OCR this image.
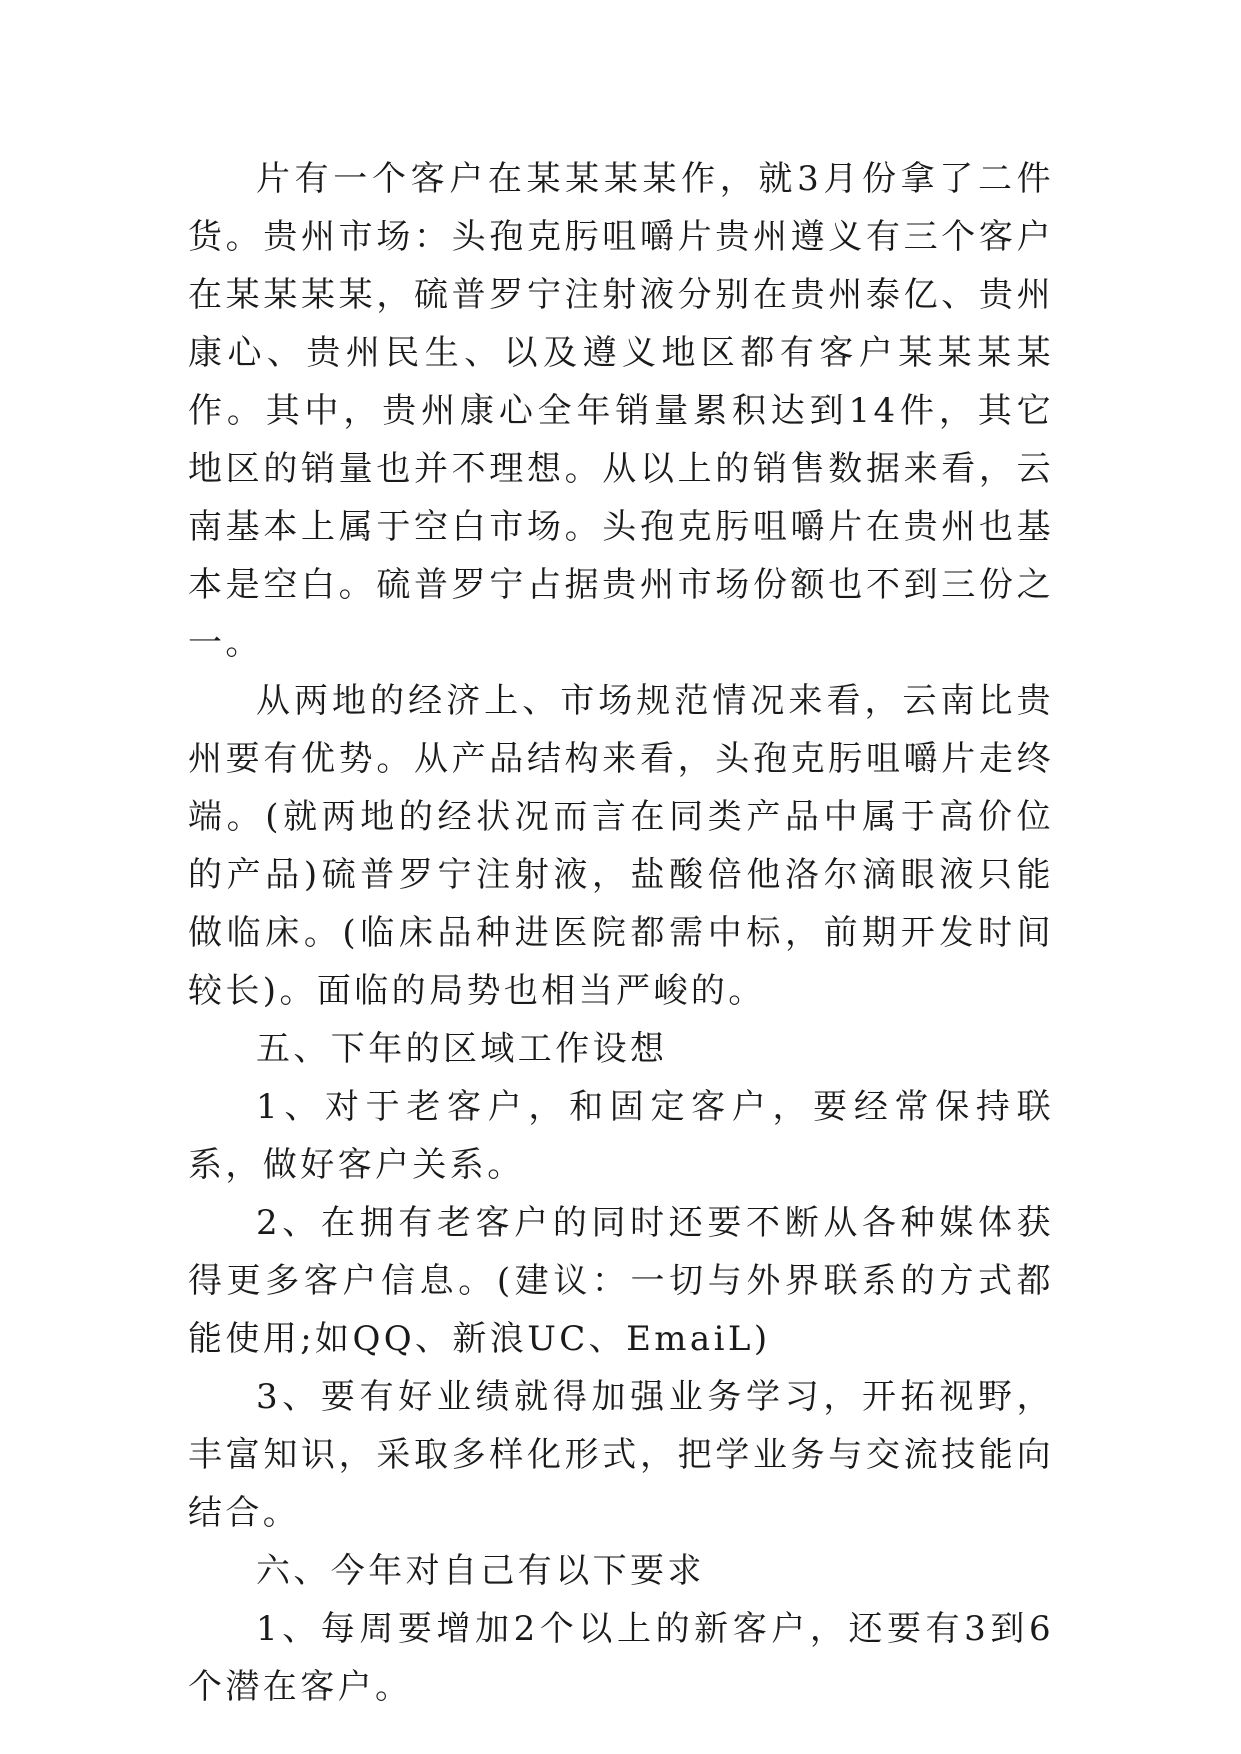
片有一个客户在某某某某作，就3月份拿了二件货。贵州市场：头孢克肟咀嚼片贵州遵义有三个客户在某某某某，硫普罗宁注射液分别在贵州泰亿、贵州康心、贵州民生、以及遵义地区都有客户某某某某作。其中，贵州康心全年销量累积达到14件，其它地区的销量也并不理想。从以上的销售数据来看，云南基本上属于空白市场。头孢克肟咀嚼片在贵州也基本是空白。硫普罗宁占据贵州市场份额也不到三份之一。

从两地的经济上、市场规范情况来看，云南比贵州要有优势。从产品结构来看，头孢克肟咀嚼片走终端。(就两地的经状况而言在同类产品中属于高价位的产品)硫普罗宁注射液，盐酸倍他洛尔滴眼液只能做临床。(临床品种进医院都需中标，前期开发时间较长)。面临的局势也相当严峻的。

五、下年的区域工作设想

1、对于老客户，和固定客户，要经常保持联系，做好客户关系。

2、在拥有老客户的同时还要不断从各种媒体获得更多客户信息。(建议：一切与外界联系的方式都能使用;如QQ、新浪UC、EmaiL)

3、要有好业绩就得加强业务学习，开拓视野，丰富知识，采取多样化形式，把学业务与交流技能向结合。

六、今年对自己有以下要求

1、每周要增加2个以上的新客户，还要有3到6个潜在客户。
